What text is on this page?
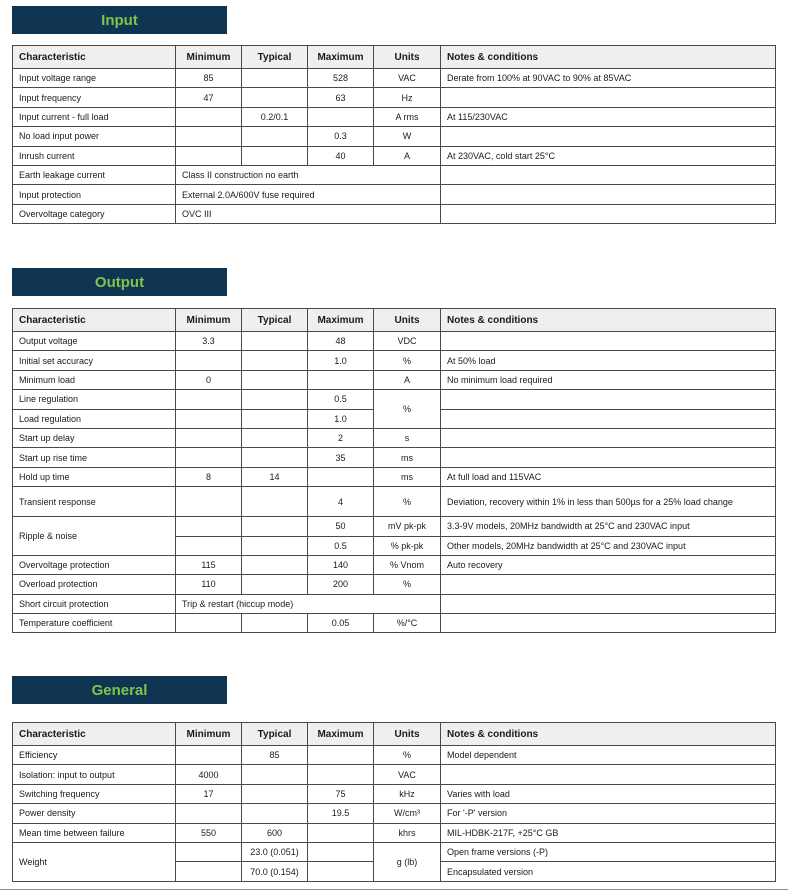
Input
Characteristic	Minimum	Typical	Maximum	Units	Notes & conditions
Input voltage range	85		528	VAC	Derate from 100% at 90VAC to 90% at 85VAC
Input frequency	47		63	Hz	
Input current - full load		0.2/0.1		A rms	At 115/230VAC
No load input power			0.3	W	
Inrush current			40	A	At 230VAC, cold start 25°C
Earth leakage current	Class II construction no earth				
Input protection	External 2.0A/600V fuse required				
Overvoltage category	OVC III				
Output
Characteristic	Minimum	Typical	Maximum	Units	Notes & conditions
Output voltage	3.3		48	VDC	
Initial set accuracy			1.0	%	At 50% load
Minimum load	0			A	No minimum load required
Line regulation			0.5	%	
Load regulation			1.0		
Start up delay			2	s	
Start up rise time			35	ms	
Hold up time	8	14		ms	At full load and 115VAC
Transient response			4	%	Deviation, recovery within 1% in less than 500µs for a 25% load change
Ripple & noise			50	mV pk-pk	3.3-9V models, 20MHz bandwidth at 25°C and 230VAC input
			0.5	% pk-pk	Other models, 20MHz bandwidth at 25°C and 230VAC input
Overvoltage protection	115		140	% Vnom	Auto recovery
Overload protection	110		200	%	
Short circuit protection	Trip & restart (hiccup mode)				
Temperature coefficient			0.05	%/°C	
General
Characteristic	Minimum	Typical	Maximum	Units	Notes & conditions
Efficiency		85		%	Model dependent
Isolation: input to output	4000			VAC	
Switching frequency	17		75	kHz	Varies with load
Power density			19.5	W/cm³	For '-P' version
Mean time between failure	550	600		khrs	MIL-HDBK-217F, +25°C GB
Weight		23.0 (0.051)		g (lb)	Open frame versions (-P)
		70.0 (0.154)			Encapsulated version
